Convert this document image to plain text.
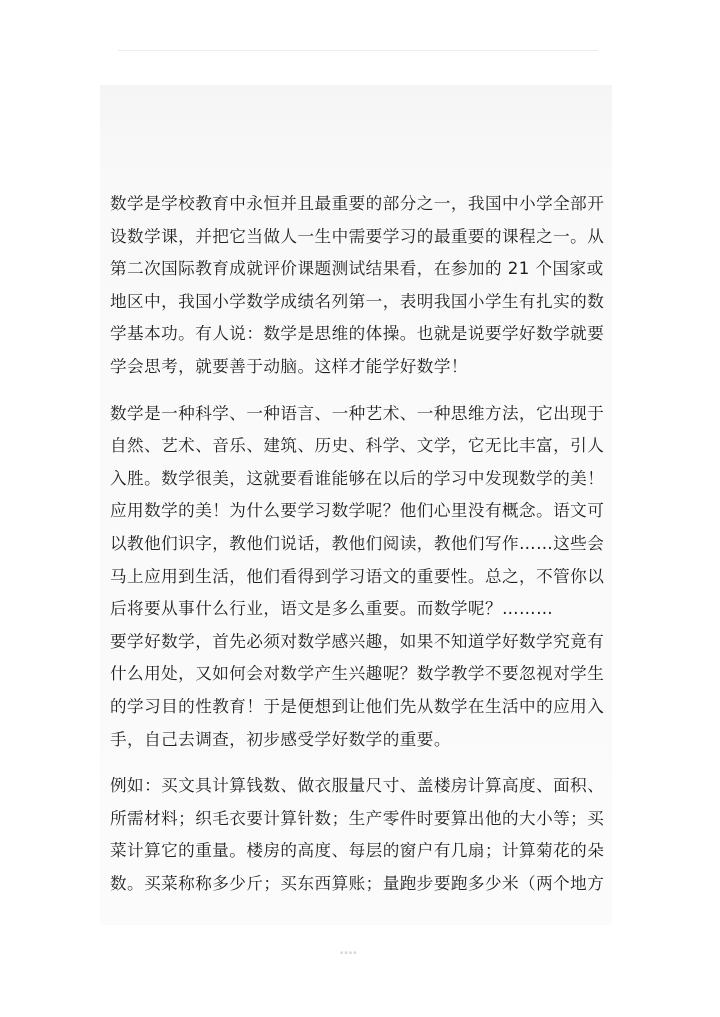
数学是学校教育中永恒并且最重要的部分之一，我国中小学全部开
设数学课，并把它当做人一生中需要学习的最重要的课程之一。从
第二次国际教育成就评价课题测试结果看，在参加的 21 个国家或
地区中，我国小学数学成绩名列第一，表明我国小学生有扎实的数
学基本功。有人说：数学是思维的体操。也就是说要学好数学就要
学会思考，就要善于动脑。这样才能学好数学！

数学是一种科学、一种语言、一种艺术、一种思维方法，它出现于
自然、艺术、音乐、建筑、历史、科学、文学，它无比丰富，引人
入胜。数学很美，这就要看谁能够在以后的学习中发现数学的美！
应用数学的美！为什么要学习数学呢？他们心里没有概念。语文可
以教他们识字，教他们说话，教他们阅读，教他们写作……这些会
马上应用到生活，他们看得到学习语文的重要性。总之，不管你以
后将要从事什么行业，语文是多么重要。而数学呢？………

要学好数学，首先必须对数学感兴趣，如果不知道学好数学究竟有
什么用处，又如何会对数学产生兴趣呢？数学教学不要忽视对学生
的学习目的性教育！于是便想到让他们先从数学在生活中的应用入
手，自己去调查，初步感受学好数学的重要。

例如：买文具计算钱数、做衣服量尺寸、盖楼房计算高度、面积、
所需材料；织毛衣要计算针数；生产零件时要算出他的大小等；买
菜计算它的重量。楼房的高度、每层的窗户有几扇；计算菊花的朵
数。买菜称称多少斤；买东西算账；量跑步要跑多少米（两个地方

▪▪▪▪
